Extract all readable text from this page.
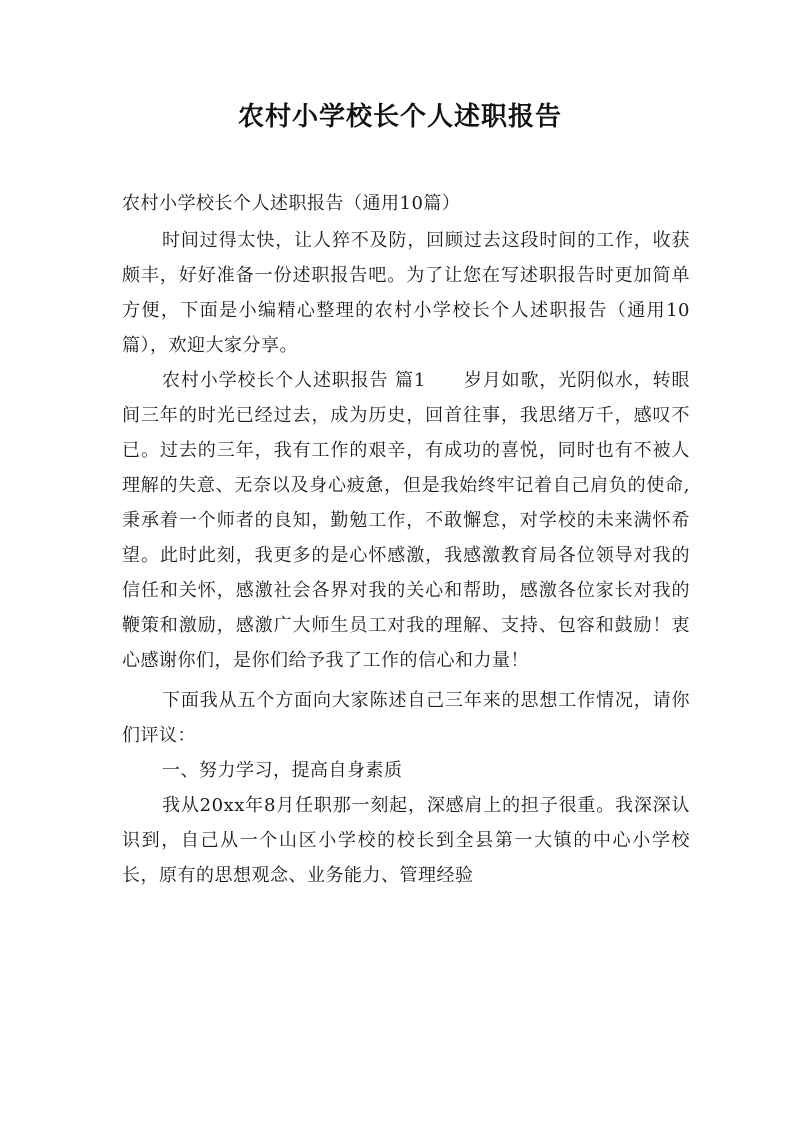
农村小学校长个人述职报告

农村小学校长个人述职报告（通用10篇）

时间过得太快，让人猝不及防，回顾过去这段时间的工作，收获颇丰，好好准备一份述职报告吧。为了让您在写述职报告时更加简单方便，下面是小编精心整理的农村小学校长个人述职报告（通用10篇），欢迎大家分享。

农村小学校长个人述职报告 篇1　　岁月如歌，光阴似水，转眼间三年的时光已经过去，成为历史，回首往事，我思绪万千，感叹不已。过去的三年，我有工作的艰辛，有成功的喜悦，同时也有不被人理解的失意、无奈以及身心疲惫，但是我始终牢记着自己肩负的使命,秉承着一个师者的良知，勤勉工作，不敢懈怠，对学校的未来满怀希望。此时此刻，我更多的是心怀感激，我感激教育局各位领导对我的信任和关怀，感激社会各界对我的关心和帮助，感激各位家长对我的鞭策和激励，感激广大师生员工对我的理解、支持、包容和鼓励！衷心感谢你们，是你们给予我了工作的信心和力量！

下面我从五个方面向大家陈述自己三年来的思想工作情况，请你们评议：

一、努力学习，提高自身素质

我从20xx年8月任职那一刻起，深感肩上的担子很重。我深深认识到，自己从一个山区小学校的校长到全县第一大镇的中心小学校长，原有的思想观念、业务能力、管理经验
